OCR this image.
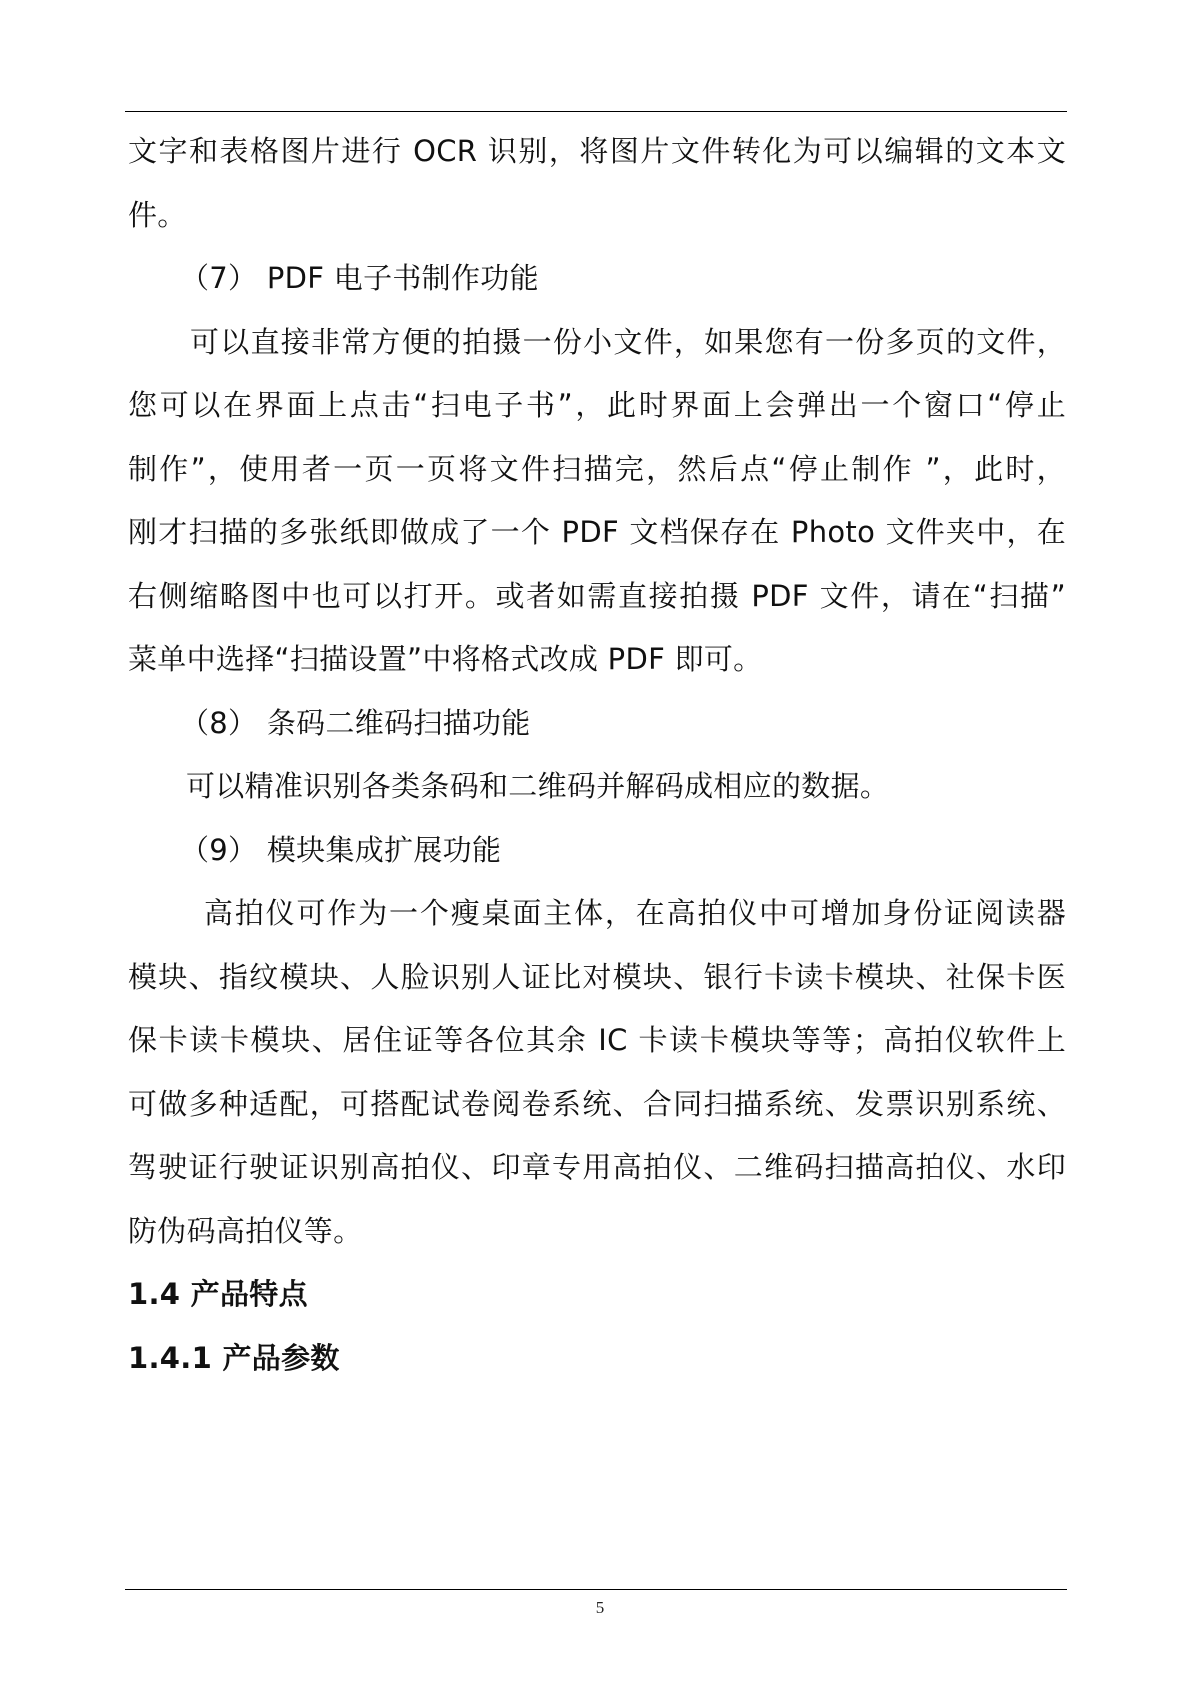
文字和表格图片进行 OCR 识别，将图片文件转化为可以编辑的文本文
件。
（7） PDF 电子书制作功能
可以直接非常方便的拍摄一份小文件，如果您有一份多页的文件，
您可以在界面上点击“扫电子书”，此时界面上会弹出一个窗口“停止
制作”，使用者一页一页将文件扫描完，然后点“停止制作 ”，此时，
刚才扫描的多张纸即做成了一个 PDF 文档保存在 Photo 文件夹中，在
右侧缩略图中也可以打开。或者如需直接拍摄 PDF 文件，请在“扫描”
菜单中选择“扫描设置”中将格式改成 PDF 即可。
（8） 条码二维码扫描功能
可以精准识别各类条码和二维码并解码成相应的数据。
（9） 模块集成扩展功能
高拍仪可作为一个瘦桌面主体，在高拍仪中可增加身份证阅读器
模块、指纹模块、人脸识别人证比对模块、银行卡读卡模块、社保卡医
保卡读卡模块、居住证等各位其余 IC 卡读卡模块等等；高拍仪软件上
可做多种适配，可搭配试卷阅卷系统、合同扫描系统、发票识别系统、
驾驶证行驶证识别高拍仪、印章专用高拍仪、二维码扫描高拍仪、水印
防伪码高拍仪等。
1.4 产品特点
1.4.1 产品参数
5
